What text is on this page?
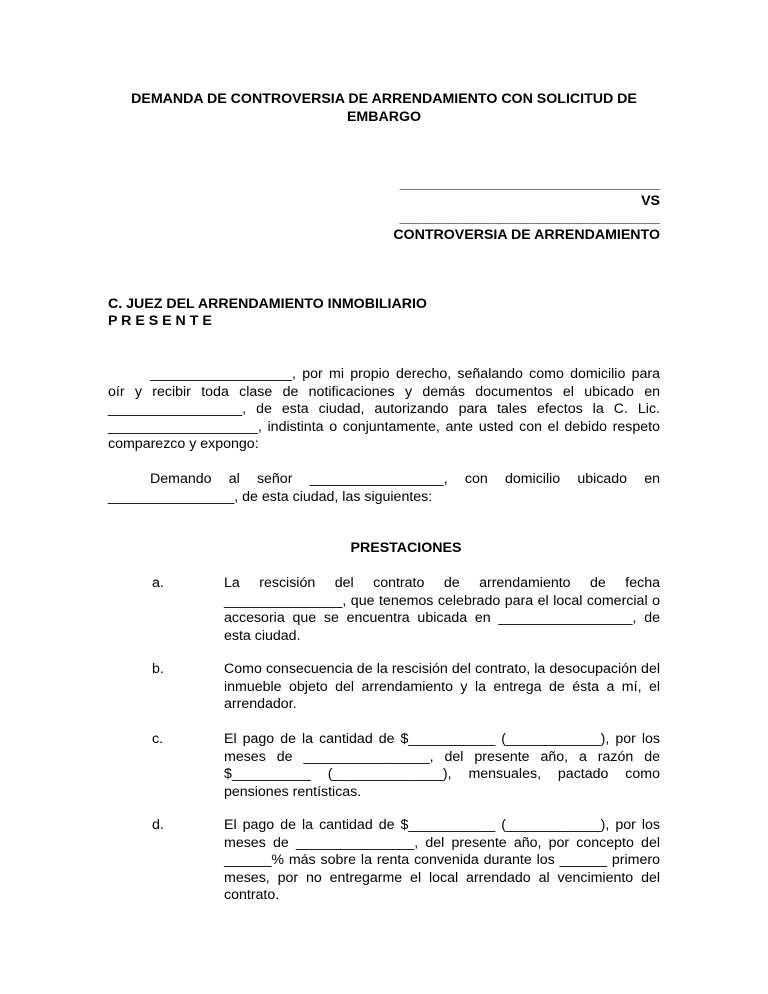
DEMANDA DE CONTROVERSIA DE ARRENDAMIENTO CON SOLICITUD DE
EMBARGO
_________________________________
VS
_________________________________
CONTROVERSIA DE ARRENDAMIENTO
C. JUEZ DEL ARRENDAMIENTO INMOBILIARIO
P R E S E N T E
__________________, por mi propio derecho, señalando como domicilio para oír y recibir toda clase de notificaciones y demás documentos el ubicado en _________________, de esta ciudad, autorizando para tales efectos la C. Lic. ___________________, indistinta o conjuntamente, ante usted con el debido respeto comparezco y expongo:
Demando al señor _________________, con domicilio ubicado en ________________, de esta ciudad, las siguientes:
PRESTACIONES
a.	La rescisión del contrato de arrendamiento de fecha _______________, que tenemos celebrado para el local comercial o accesoria que se encuentra ubicada en _________________, de esta ciudad.
b.	Como consecuencia de la rescisión del contrato, la desocupación del inmueble objeto del arrendamiento y la entrega de ésta a mí, el arrendador.
c.	El pago de la cantidad de $___________ (____________), por los meses de ________________, del presente año, a razón de $__________ (______________), mensuales, pactado como pensiones rentísticas.
d.	El pago de la cantidad de $___________ (____________), por los meses de _______________, del presente año, por concepto del ______% más sobre la renta convenida durante los ______ primero meses, por no entregarme el local arrendado al vencimiento del contrato.
